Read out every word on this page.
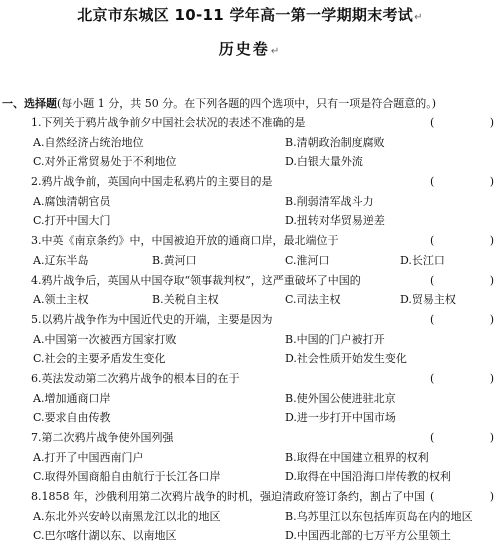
北京市东城区 10-11 学年高一第一学期期末考试↵
历史卷↵
一、选择题(每小题 1 分，共 50 分。在下列各题的四个选项中，只有一项是符合题意的。)
1.下列关于鸦片战争前夕中国社会状况的表述不准确的是	(	)
A.自然经济占统治地位	B.清朝政治制度腐败
C.对外正常贸易处于不利地位	D.白银大量外流
2.鸦片战争前，英国向中国走私鸦片的主要目的是	(	)
A.腐蚀清朝官员	B.削弱清军战斗力
C.打开中国大门	D.扭转对华贸易逆差
3.中英《南京条约》中，中国被迫开放的通商口岸，最北端位于	(	)
A.辽东半岛	B.黄河口	C.淮河口	D.长江口
4.鸦片战争后，英国从中国夺取“领事裁判权”，这严重破坏了中国的	(	)
A.领土主权	B.关税自主权	C.司法主权	D.贸易主权
5.以鸦片战争作为中国近代史的开端，主要是因为	(	)
A.中国第一次被西方国家打败	B.中国的门户被打开
C.社会的主要矛盾发生变化	D.社会性质开始发生变化
6.英法发动第二次鸦片战争的根本目的在于	(	)
A.增加通商口岸	B.使外国公使进驻北京
C.要求自由传教	D.进一步打开中国市场
7.第二次鸦片战争使外国列强	(	)
A.打开了中国西南门户	B.取得在中国建立租界的权利
C.取得外国商船自由航行于长江各口岸	D.取得在中国沿海口岸传教的权利
8.1858 年，沙俄利用第二次鸦片战争的时机，强迫清政府签订条约，割占了中国 (	)
A.东北外兴安岭以南黑龙江以北的地区	B.乌苏里江以东包括库页岛在内的地区
C.巴尔喀什湖以东、以南地区	D.中国西北部的七万平方公里领土
